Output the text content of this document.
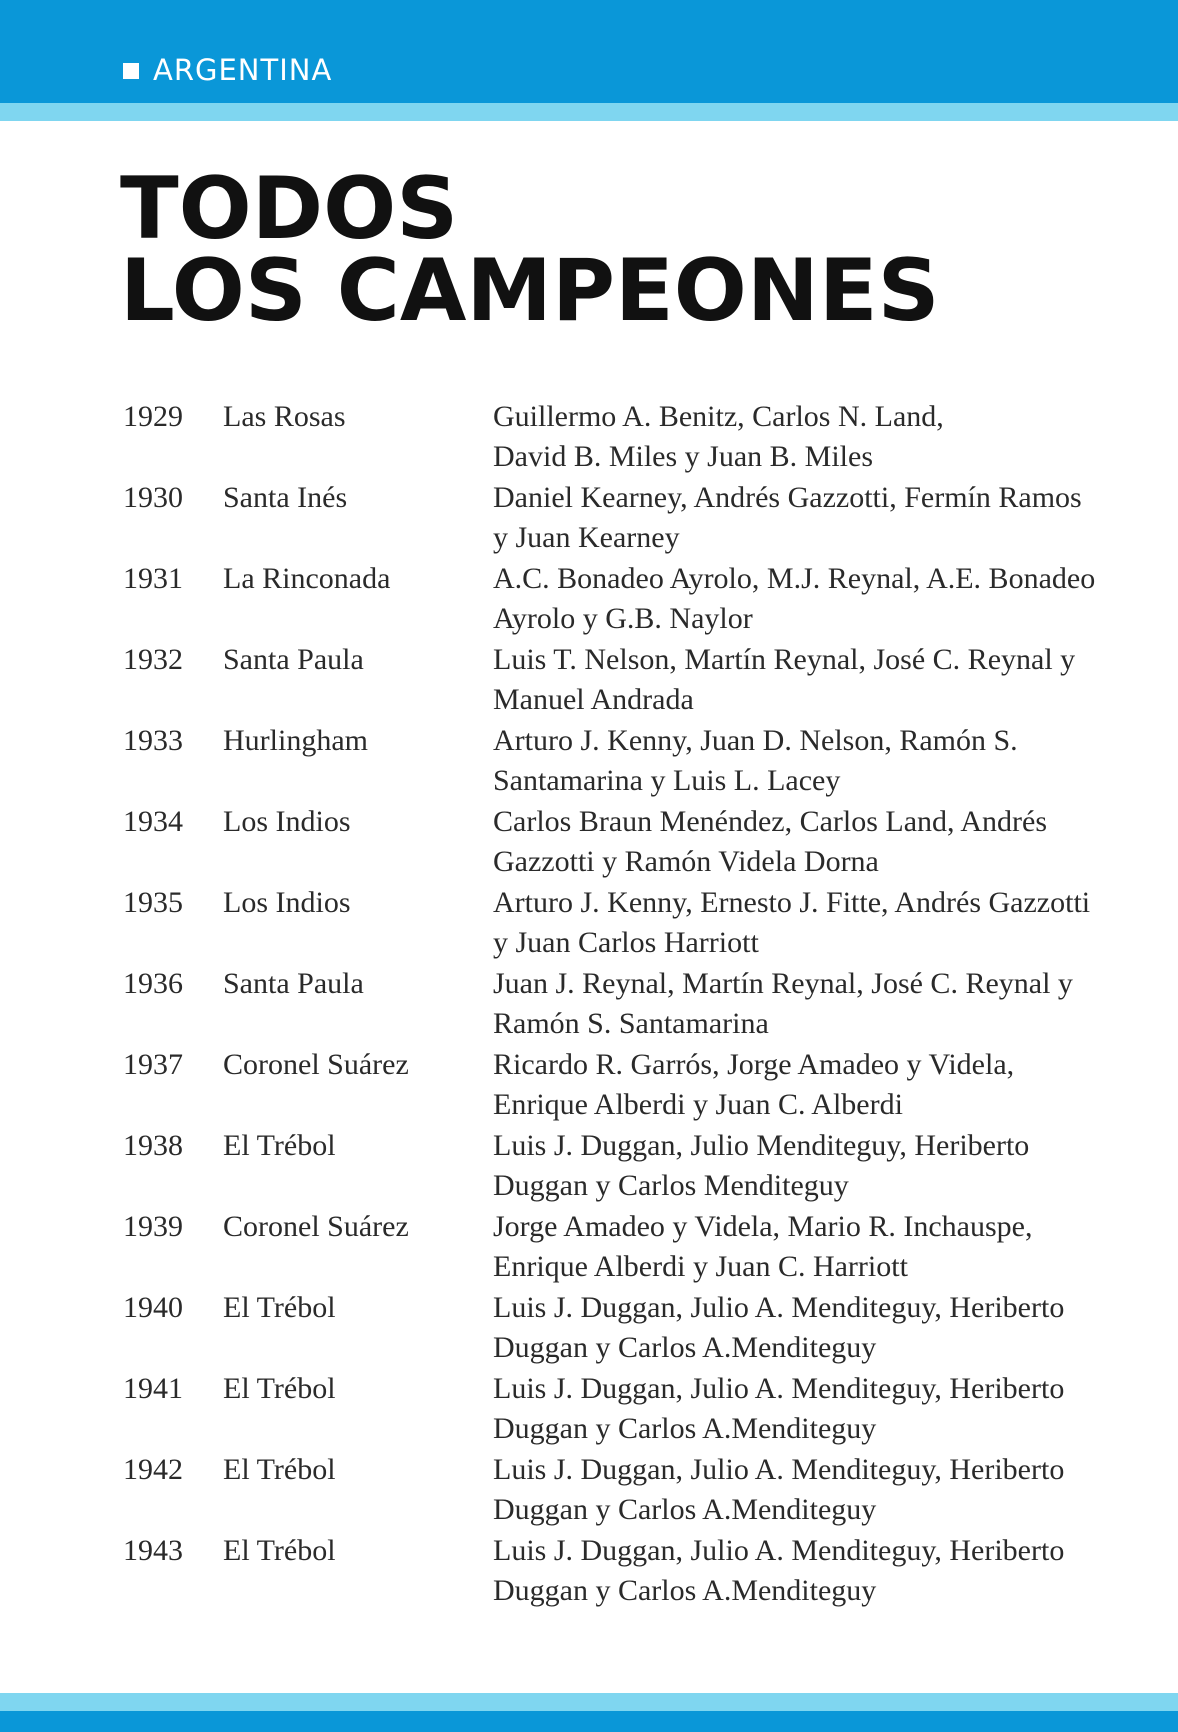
ARGENTINA
TODOS
LOS CAMPEONES
1929 Las Rosas	Guillermo A. Benitz, Carlos N. Land,
David B. Miles y Juan B. Miles
1930 Santa Inés	Daniel Kearney, Andrés Gazzotti, Fermín Ramos
y Juan Kearney
1931 La Rinconada	A.C. Bonadeo Ayrolo, M.J. Reynal, A.E. Bonadeo
Ayrolo y G.B. Naylor
1932 Santa Paula	Luis T. Nelson, Martín Reynal, José C. Reynal y
Manuel Andrada
1933 Hurlingham	Arturo J. Kenny, Juan D. Nelson, Ramón S.
Santamarina y Luis L. Lacey
1934 Los Indios	Carlos Braun Menéndez, Carlos Land, Andrés
Gazzotti y Ramón Videla Dorna
1935 Los Indios	Arturo J. Kenny, Ernesto J. Fitte, Andrés Gazzotti
y Juan Carlos Harriott
1936 Santa Paula	Juan J. Reynal, Martín Reynal, José C. Reynal y
Ramón S. Santamarina
1937 Coronel Suárez	Ricardo R. Garrós, Jorge Amadeo y Videla,
Enrique Alberdi y Juan C. Alberdi
1938 El Trébol	Luis J. Duggan, Julio Menditeguy, Heriberto
Duggan y Carlos Menditeguy
1939 Coronel Suárez	Jorge Amadeo y Videla, Mario R. Inchauspe,
Enrique Alberdi y Juan C. Harriott
1940 El Trébol	Luis J. Duggan, Julio A. Menditeguy, Heriberto
Duggan y Carlos A.Menditeguy
1941 El Trébol	Luis J. Duggan, Julio A. Menditeguy, Heriberto
Duggan y Carlos A.Menditeguy
1942 El Trébol	Luis J. Duggan, Julio A. Menditeguy, Heriberto
Duggan y Carlos A.Menditeguy
1943 El Trébol	Luis J. Duggan, Julio A. Menditeguy, Heriberto
Duggan y Carlos A.Menditeguy
